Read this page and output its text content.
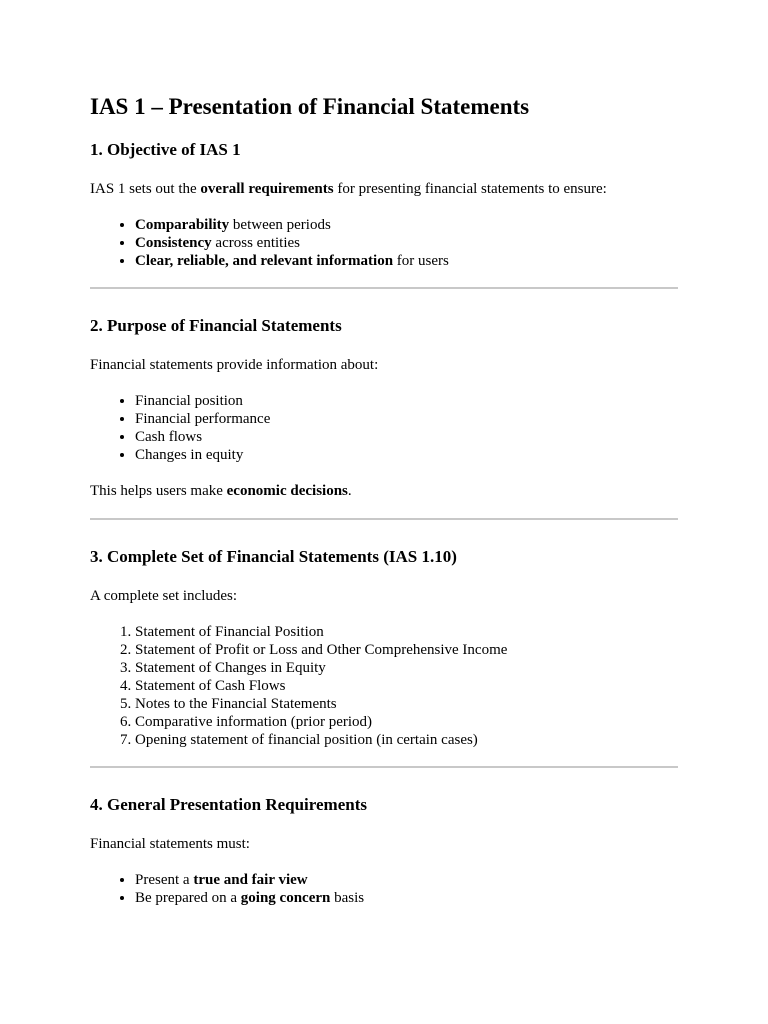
IAS 1 – Presentation of Financial Statements
1. Objective of IAS 1

IAS 1 sets out the overall requirements for presenting financial statements to ensure:

• Comparability between periods
• Consistency across entities
• Clear, reliable, and relevant information for users
2. Purpose of Financial Statements

Financial statements provide information about:

• Financial position
• Financial performance
• Cash flows
• Changes in equity

This helps users make economic decisions.

3. Complete Set of Financial Statements (IAS 1.10)

A complete set includes:

1. Statement of Financial Position
2. Statement of Profit or Loss and Other Comprehensive Income
3. Statement of Changes in Equity
4. Statement of Cash Flows
5. Notes to the Financial Statements
6. Comparative information (prior period)
7. Opening statement of financial position (in certain cases)
4. General Presentation Requirements

Financial statements must:

• Present a true and fair view
• Be prepared on a going concern basis
